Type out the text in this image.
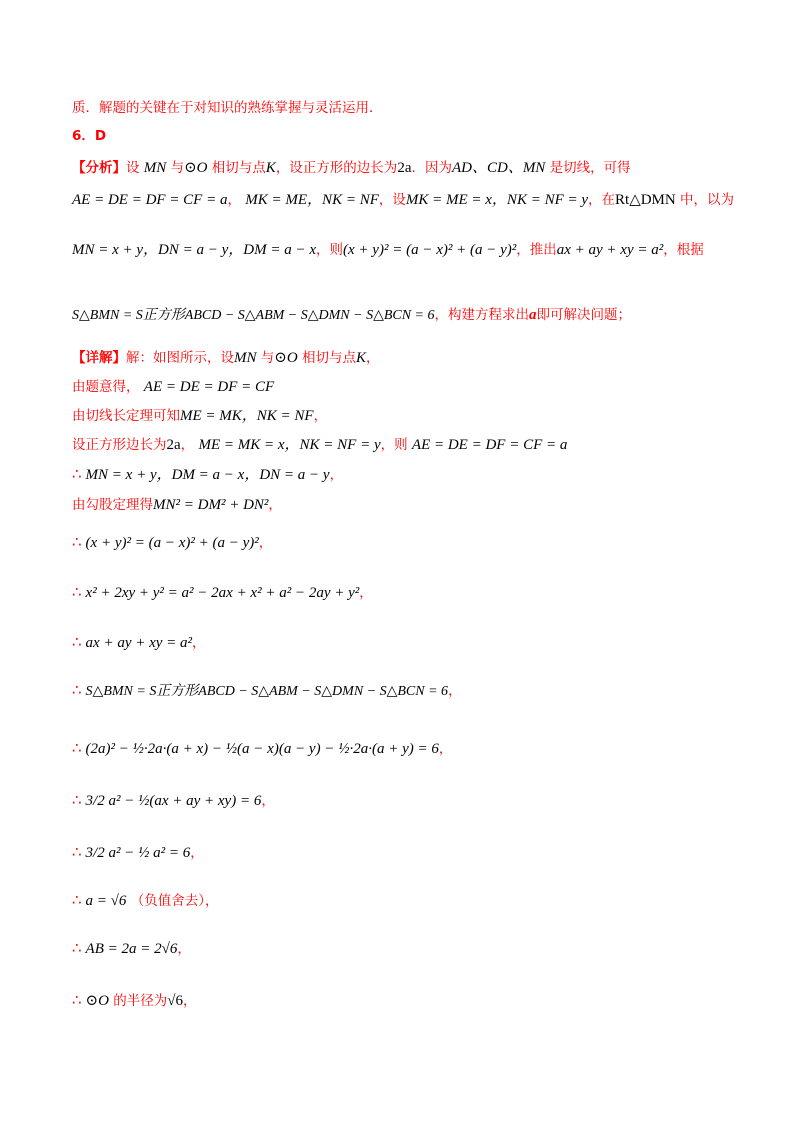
质．解题的关键在于对知识的熟练掌握与灵活运用．
6．D
【分析】设 MN 与⊙O 相切与点K，设正方形的边长为2a．因为AD、CD、MN 是切线，可得
AE = DE = DF = CF = a， MK = ME，NK = NF，设MK = ME = x，NK = NF = y，在Rt△DMN 中，以为
MN = x + y，DN = a − y，DM = a − x，则(x + y)² = (a − x)² + (a − y)²，推出ax + ay + xy = a²，根据
S△BMN = S正方形ABCD − S△ABM − S△DMN − S△BCN = 6，构建方程求出a即可解决问题；
【详解】解：如图所示，设MN 与⊙O 相切与点K，
由题意得， AE = DE = DF = CF
由切线长定理可知ME = MK，NK = NF，
设正方形边长为2a， ME = MK = x，NK = NF = y，则 AE = DE = DF = CF = a
∴ MN = x + y，DM = a − x，DN = a − y，
由勾股定理得MN² = DM² + DN²，
∴ (x + y)² = (a − x)² + (a − y)²，
∴ x² + 2xy + y² = a² − 2ax + x² + a² − 2ay + y²，
∴ ax + ay + xy = a²，
∴ S△BMN = S正方形ABCD − S△ABM − S△DMN − S△BCN = 6，
∴ (2a)² − ½·2a·(a + x) − ½(a − x)(a − y) − ½·2a·(a + y) = 6，
∴ 3/2 a² − ½(ax + ay + xy) = 6，
∴ 3/2 a² − ½ a² = 6，
∴ a = √6 （负值舍去），
∴ AB = 2a = 2√6，
∴ ⊙O 的半径为√6，
